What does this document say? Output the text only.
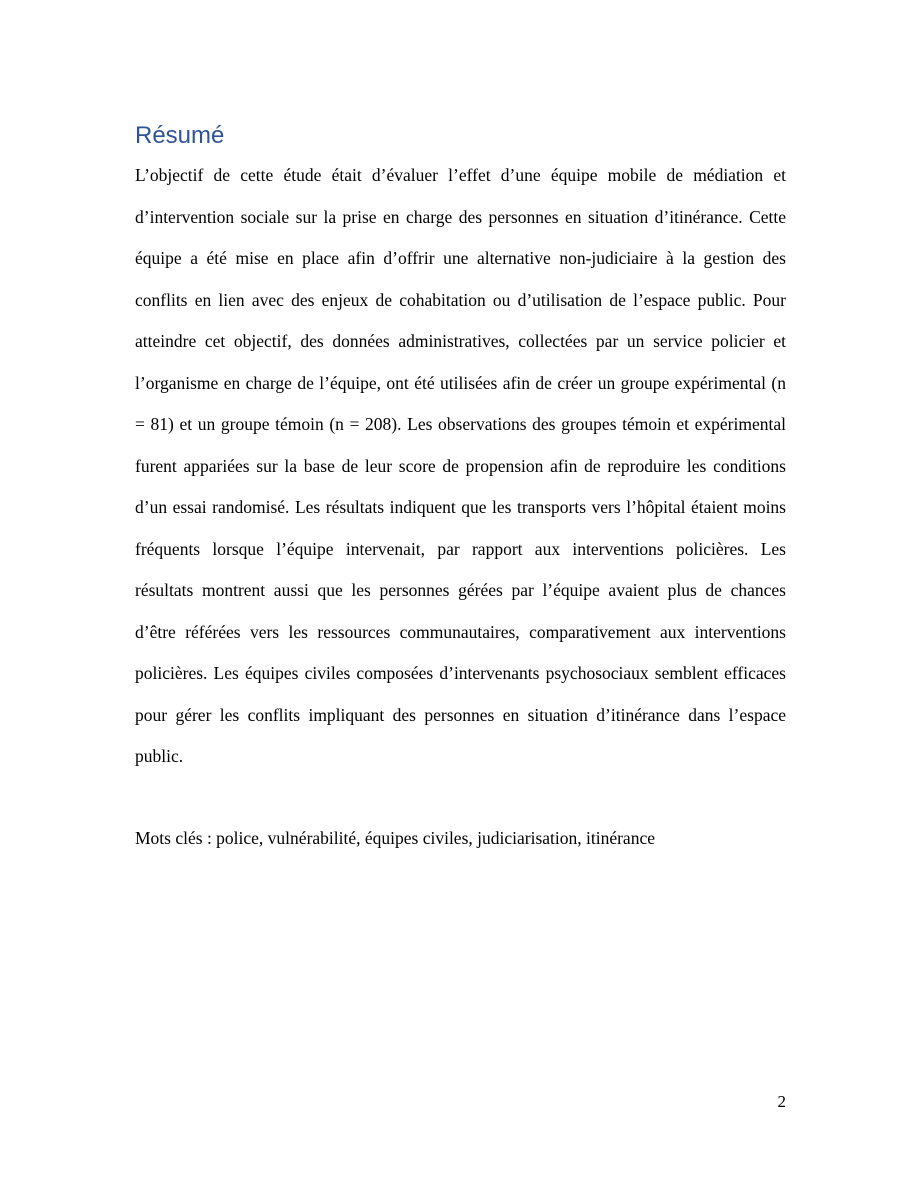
Résumé
L’objectif de cette étude était d’évaluer l’effet d’une équipe mobile de médiation et
d’intervention sociale sur la prise en charge des personnes en situation d’itinérance. Cette
équipe a été mise en place afin d’offrir une alternative non-judiciaire à la gestion des
conflits en lien avec des enjeux de cohabitation ou d’utilisation de l’espace public. Pour
atteindre cet objectif, des données administratives, collectées par un service policier et
l’organisme en charge de l’équipe, ont été utilisées afin de créer un groupe expérimental (n
= 81) et un groupe témoin (n = 208). Les observations des groupes témoin et expérimental
furent appariées sur la base de leur score de propension afin de reproduire les conditions
d’un essai randomisé. Les résultats indiquent que les transports vers l’hôpital étaient moins
fréquents lorsque l’équipe intervenait, par rapport aux interventions policières. Les
résultats montrent aussi que les personnes gérées par l’équipe avaient plus de chances
d’être référées vers les ressources communautaires, comparativement aux interventions
policières. Les équipes civiles composées d’intervenants psychosociaux semblent efficaces
pour gérer les conflits impliquant des personnes en situation d’itinérance dans l’espace
public.
Mots clés : police, vulnérabilité, équipes civiles, judiciarisation, itinérance
2
